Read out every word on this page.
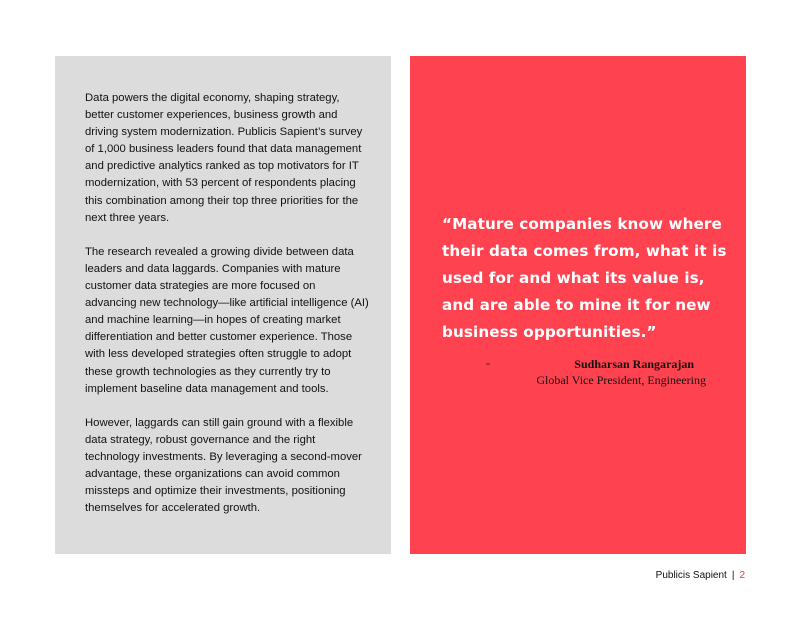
Data powers the digital economy, shaping strategy, better customer experiences, business growth and driving system modernization. Publicis Sapient’s survey of 1,000 business leaders found that data management and predictive analytics ranked as top motivators for IT modernization, with 53 percent of respondents placing this combination among their top three priorities for the next three years.

The research revealed a growing divide between data leaders and data laggards. Companies with mature customer data strategies are more focused on advancing new technology—like artificial intelligence (AI) and machine learning—in hopes of creating market differentiation and better customer experience. Those with less developed strategies often struggle to adopt these growth technologies as they currently try to implement baseline data management and tools.

However, laggards can still gain ground with a flexible data strategy, robust governance and the right technology investments. By leveraging a second-mover advantage, these organizations can avoid common missteps and optimize their investments, positioning themselves for accelerated growth.

“Mature companies know where their data comes from, what it is used for and what its value is, and are able to mine it for new business opportunities.”

-	Sudharsan Rangarajan
Global Vice President, Engineering
Publicis Sapient | 2
